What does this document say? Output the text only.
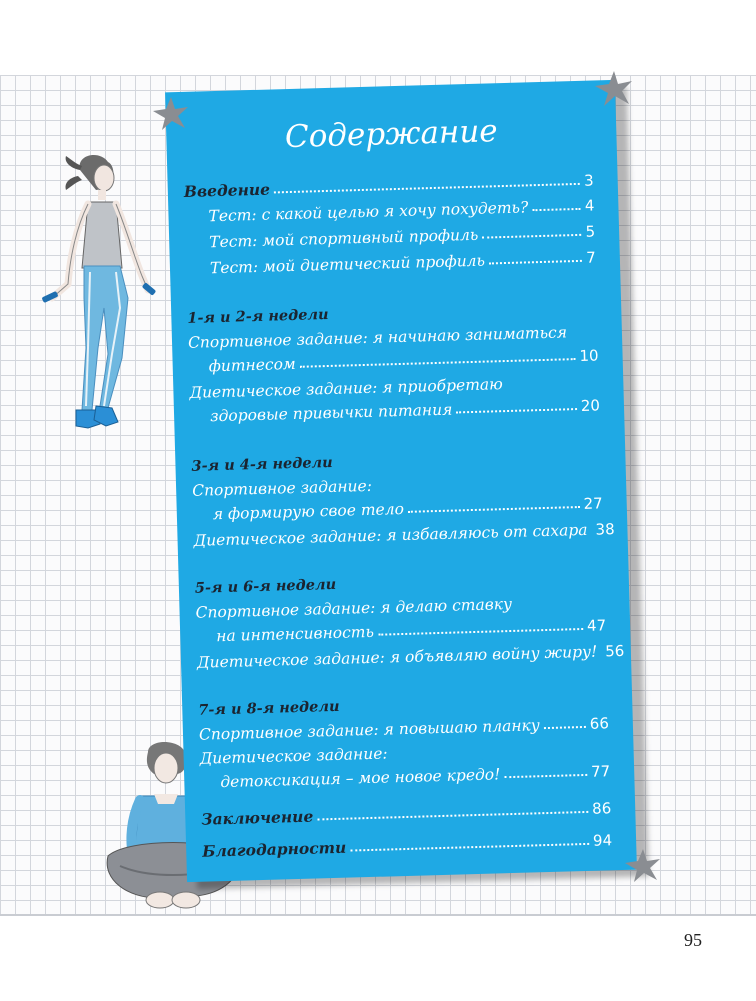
Содержание
Введение	3
Тест: с какой целью я хочу похудеть?	4
Тест: мой спортивный профиль	5
Тест: мой диетический профиль	7
1-я и 2-я недели
Спортивное задание: я начинаю заниматься
фитнесом	10
Диетическое задание: я приобретаю
здоровые привычки питания	20
3-я и 4-я недели
Спортивное задание:
я формирую свое тело	27
Диетическое задание: я избавляюсь от сахара 38
5-я и 6-я недели
Спортивное задание: я делаю ставку
на интенсивность	47
Диетическое задание: я объявляю войну жиру! 56
7-я и 8-я недели
Спортивное задание: я повышаю планку	66
Диетическое задание:
детоксикация – мое новое кредо!	77
Заключение	86
Благодарности	94
95
